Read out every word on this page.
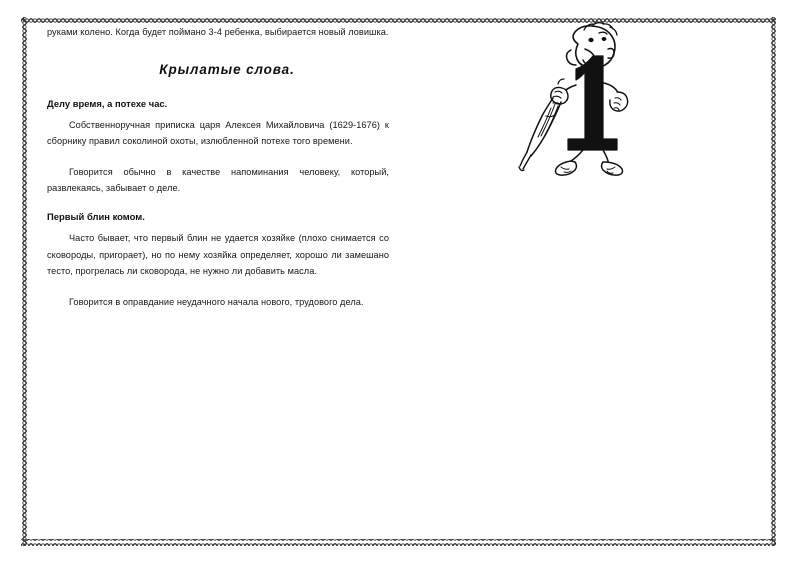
руками колено. Когда будет поймано 3-4 ребенка, выбирается новый ловишка.

Крылатые слова.
Делу время, а потехе час.

Собственноручная приписка царя Алексея Михайловича (1629-1676) к сборнику правил соколиной охоты, излюбленной потехе того времени.

Говорится обычно в качестве напоминания человеку, который, развлекаясь, забывает о деле.

Первый блин комом.

Часто бывает, что первый блин не удается хозяйке (плохо снимается со сковороды, пригорает), но по нему хозяйка определяет, хорошо ли замешано тесто, прогрелась ли сковорода, не нужно ли добавить масла.

Говорится в оправдание неудачного начала нового, трудового дела.
